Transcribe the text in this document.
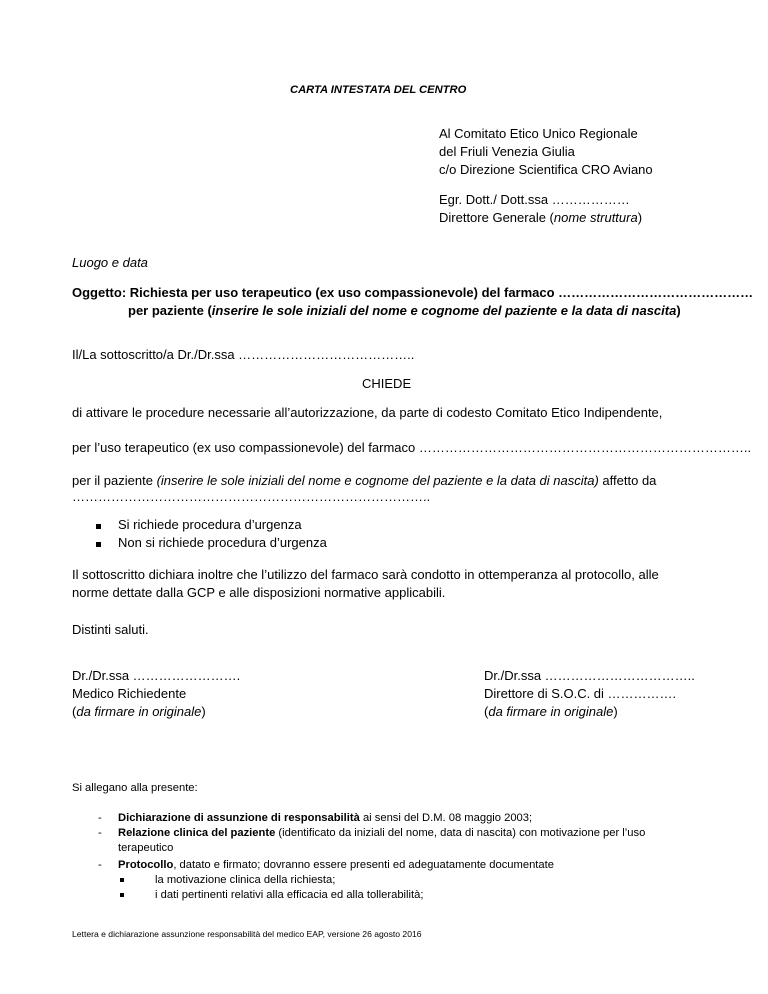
CARTA INTESTATA DEL CENTRO
Al Comitato Etico Unico Regionale
del Friuli Venezia Giulia
c/o Direzione Scientifica CRO Aviano
Egr. Dott./ Dott.ssa ………………
Direttore Generale (nome struttura)
Luogo e data
Oggetto: Richiesta per uso terapeutico (ex uso compassionevole) del farmaco ………………………………………
per paziente (inserire le sole iniziali del nome e cognome del paziente e la data di nascita)
Il/La sottoscritto/a Dr./Dr.ssa …………………………………..
CHIEDE
di attivare le procedure necessarie all’autorizzazione, da parte di codesto Comitato Etico Indipendente,
per l’uso terapeutico (ex uso compassionevole) del farmaco …………………………………………………………………..
per il paziente (inserire le sole iniziali del nome e cognome del paziente e la data di nascita) affetto da
………………………………………………………………………..
Si richiede procedura d’urgenza
Non si richiede procedura d’urgenza
Il sottoscritto dichiara inoltre che l’utilizzo del farmaco sarà condotto in ottemperanza al protocollo, alle
norme dettate dalla GCP e alle disposizioni normative applicabili.
Distinti saluti.
Dr./Dr.ssa …………………….
Medico Richiedente
(da firmare in originale)
Dr./Dr.ssa ……………………………..
Direttore di S.O.C. di …………….
(da firmare in originale)
Si allegano alla presente:
- Dichiarazione di assunzione di responsabilità ai sensi del D.M. 08 maggio 2003;
- Relazione clinica del paziente (identificato da iniziali del nome, data di nascita) con motivazione per l’uso
terapeutico
- Protocollo, datato e firmato; dovranno essere presenti ed adeguatamente documentate
la motivazione clinica della richiesta;
i dati pertinenti relativi alla efficacia ed alla tollerabilità;
Lettera e dichiarazione assunzione responsabilità del medico EAP, versione 26 agosto 2016
